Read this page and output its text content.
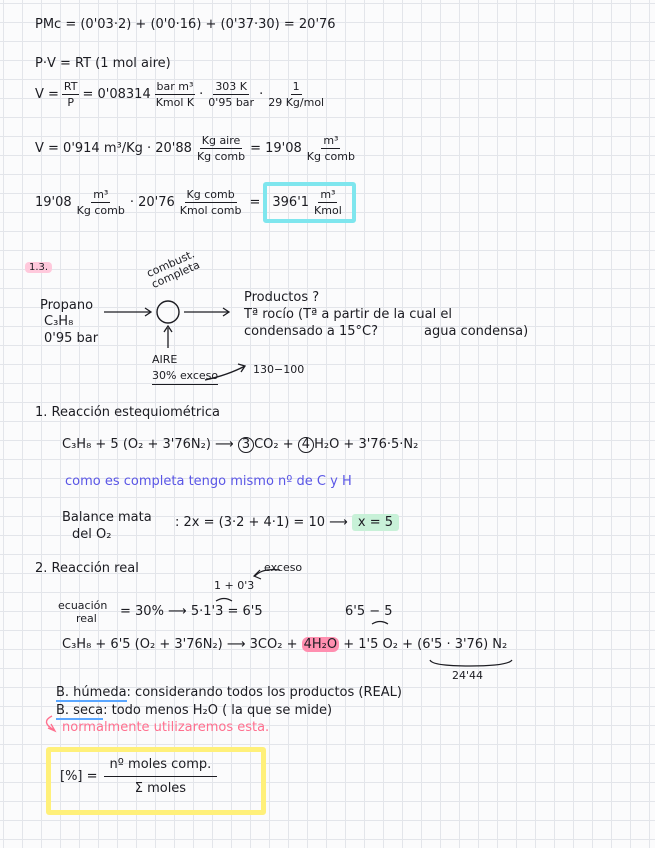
PMc = (0'03·2) + (0'0·16) + (0'37·30) = 20'76
P·V = RT (1 mol aire)
$V = \frac{RT}{P} = 0'08314 \frac{\text{bar m³}}{\text{Kmol K}} \cdot \frac{303 K}{\text{0'95 bar}} \cdot \frac{1}{\text{29 Kg/mol}}$
V = 0'914 $m^3/Kg \cdot 20'88 \frac{\text{Kg aire}}{\text{Kg comb}} = 19'08 \frac{\text{m³}}{\text{Kg comb}}$
$19'08 \frac{\text{m³}}{\text{Kg comb}} \cdot 20'76 \frac{\text{Kg comb}}{\text{Kmol comb}} = 396'1 \frac{\text{m³}}{\text{Kmol}}$
1.3.
Propano
C₃H₈
0'95 bar
combust. completa
Productos ?
Tª rocío (Tª a partir de la cual el
condensado a 15°C?	agua condensa)
AIRE
30% exceso	130−100
1. Reacción estequiométrica
C₃H₈ + 5 (O₂ + 3'76N₂) ⟶ 3 CO₂ + 4 H₂O + 3'76·5·N₂
como es completa tengo mismo nº de C y H
Balance mata
del O₂
: 2x = (3·2 + 4·1) = 10 ⟶ x = 5
2. Reacción real	exceso
1 + 0'3
ecuación
real = 30% ⟶ 5·1'3 = 6'5	6'5 − 5
C₃H₈ + 6'5 (O₂ + 3'76N₂) ⟶ 3CO₂ + 4H₂O + 1'5 O₂ + (6'5 · 3'76) N₂
24'44
B. húmeda: considerando todos los productos (REAL)
B. seca: todo menos H₂O ( la que se mide)
normalmente utilizaremos esta.
[%] = $\frac{\text{nº moles comp.}}{\text{Σ moles}}$
